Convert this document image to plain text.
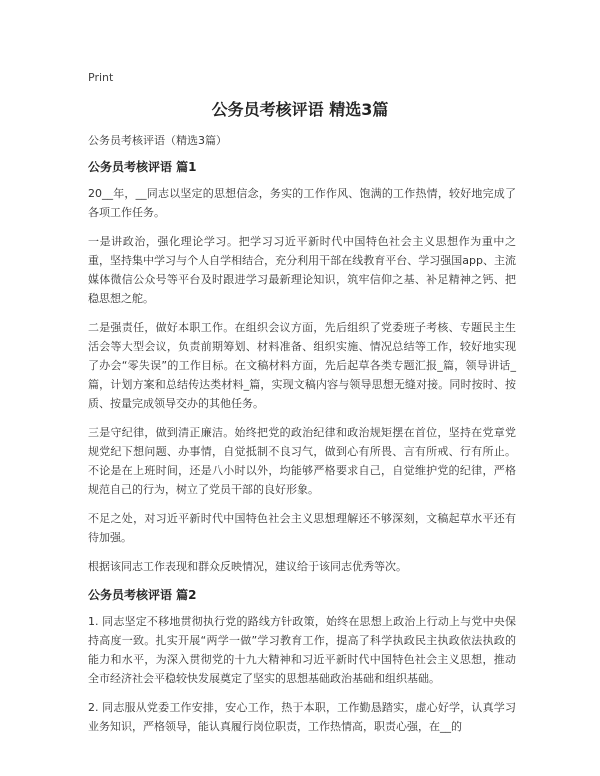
Print
公务员考核评语 精选3篇

公务员考核评语（精选3篇）

公务员考核评语 篇1

20__年，__同志以坚定的思想信念，务实的工作作风、饱满的工作热情，较好地完成了各项工作任务。

一是讲政治，强化理论学习。把学习习近平新时代中国特色社会主义思想作为重中之重，坚持集中学习与个人自学相结合，充分利用干部在线教育平台、学习强国app、主流媒体微信公众号等平台及时跟进学习最新理论知识，筑牢信仰之基、补足精神之钙、把稳思想之舵。

二是强责任，做好本职工作。在组织会议方面，先后组织了党委班子考核、专题民主生活会等大型会议，负责前期筹划、材料准备、组织实施、情况总结等工作，较好地实现了办会“零失误”的工作目标。在文稿材料方面，先后起草各类专题汇报_篇，领导讲话_篇，计划方案和总结传达类材料_篇，实现文稿内容与领导思想无缝对接。同时按时、按质、按量完成领导交办的其他任务。

三是守纪律，做到清正廉洁。始终把党的政治纪律和政治规矩摆在首位，坚持在党章党规党纪下想问题、办事情，自觉抵制不良习气，做到心有所畏、言有所戒、行有所止。不论是在上班时间，还是八小时以外，均能够严格要求自己，自觉维护党的纪律，严格规范自己的行为，树立了党员干部的良好形象。

不足之处，对习近平新时代中国特色社会主义思想理解还不够深刻，文稿起草水平还有待加强。

根据该同志工作表现和群众反映情况，建议给于该同志优秀等次。

公务员考核评语 篇2

1. 同志坚定不移地贯彻执行党的路线方针政策，始终在思想上政治上行动上与党中央保持高度一致。扎实开展“两学一做”学习教育工作，提高了科学执政民主执政依法执政的能力和水平，为深入贯彻党的十九大精神和习近平新时代中国特色社会主义思想，推动全市经济社会平稳较快发展奠定了坚实的思想基础政治基础和组织基础。

2. 同志服从党委工作安排，安心工作，热于本职，工作勤恳踏实，虚心好学，认真学习业务知识，严格领导，能认真履行岗位职责，工作热情高，职责心强，在__的
